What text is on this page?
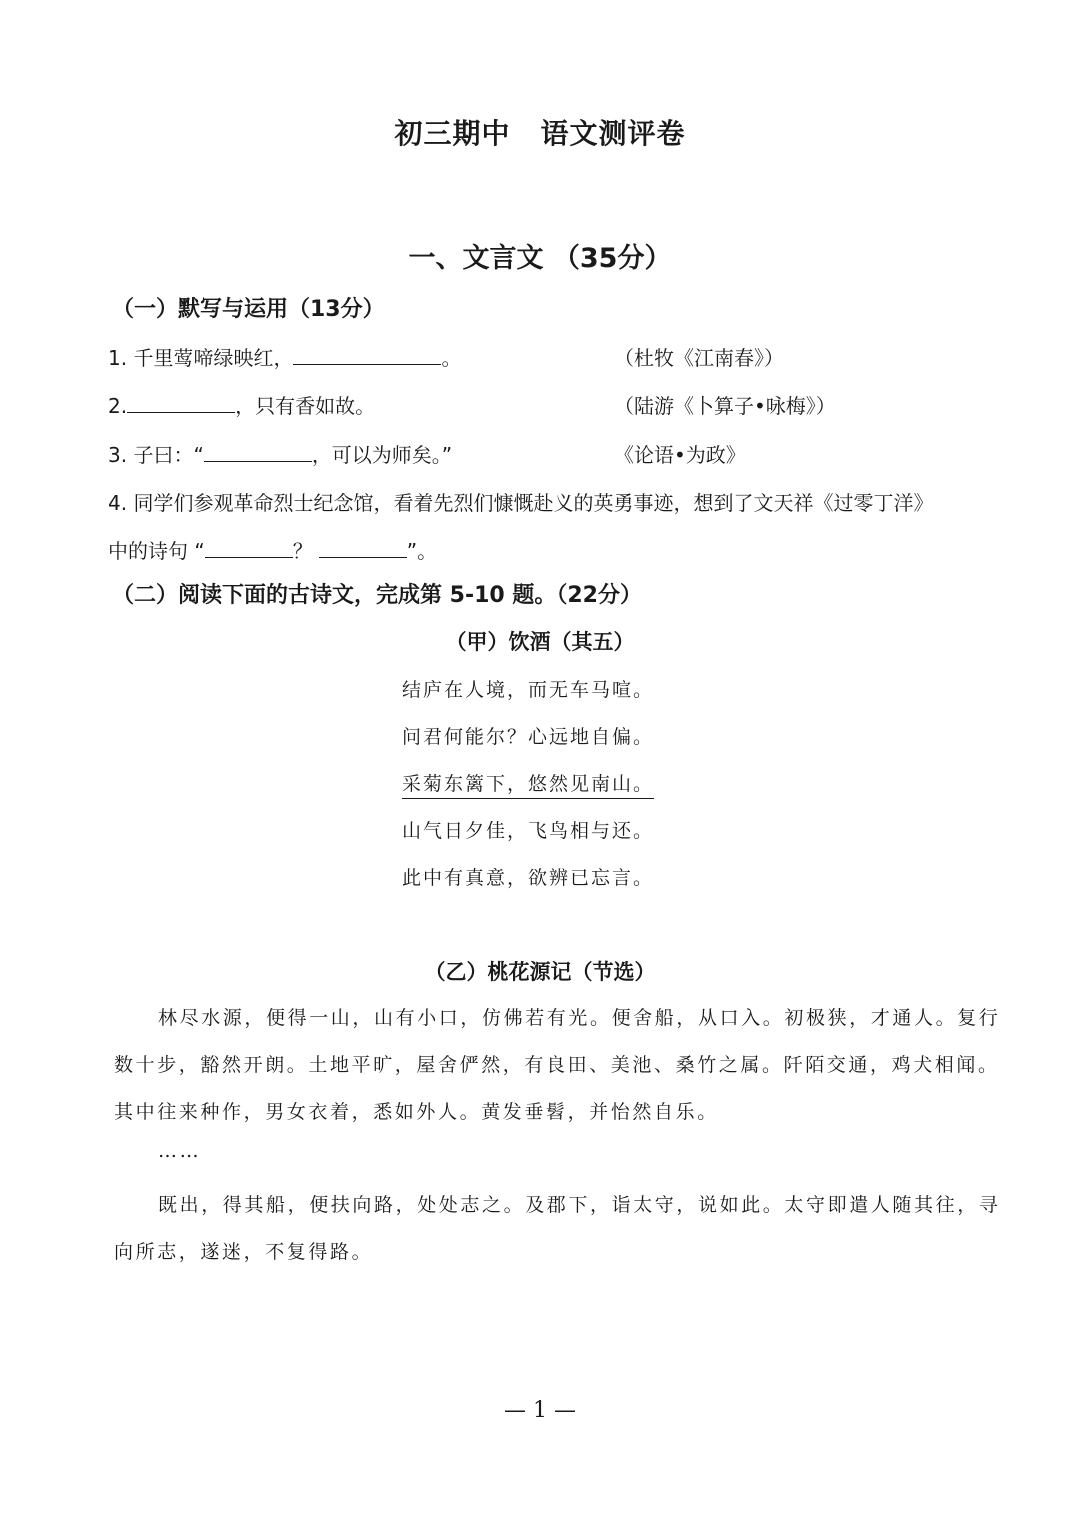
初三期中 语文测评卷
一、文言文 （35分）
（一）默写与运用（13分）
1. 千里莺啼绿映红，	。	（杜牧《江南春》）
2.	，只有香如故。	（陆游《卜算子•咏梅》）
3. 子曰：“	，可以为师矣。”	《论语•为政》
4. 同学们参观革命烈士纪念馆，看着先烈们慷慨赴义的英勇事迹，想到了文天祥《过零丁洋》
中的诗句 “	？	”。
（二）阅读下面的古诗文，完成第 5-10 题。（22分）
（甲）饮酒（其五）
结庐在人境，而无车马喧。
问君何能尔？心远地自偏。
采菊东篱下，悠然见南山。
山气日夕佳，飞鸟相与还。
此中有真意，欲辨已忘言。
（乙）桃花源记（节选）
林尽水源，便得一山，山有小口，仿佛若有光。便舍船，从口入。初极狭，才通人。复行
数十步，豁然开朗。土地平旷，屋舍俨然，有良田、美池、桑竹之属。阡陌交通，鸡犬相闻。
其中往来种作，男女衣着，悉如外人。黄发垂髫，并怡然自乐。
……
既出，得其船，便扶向路，处处志之。及郡下，诣太守，说如此。太守即遣人随其往，寻
向所志，遂迷，不复得路。
— 1 —
